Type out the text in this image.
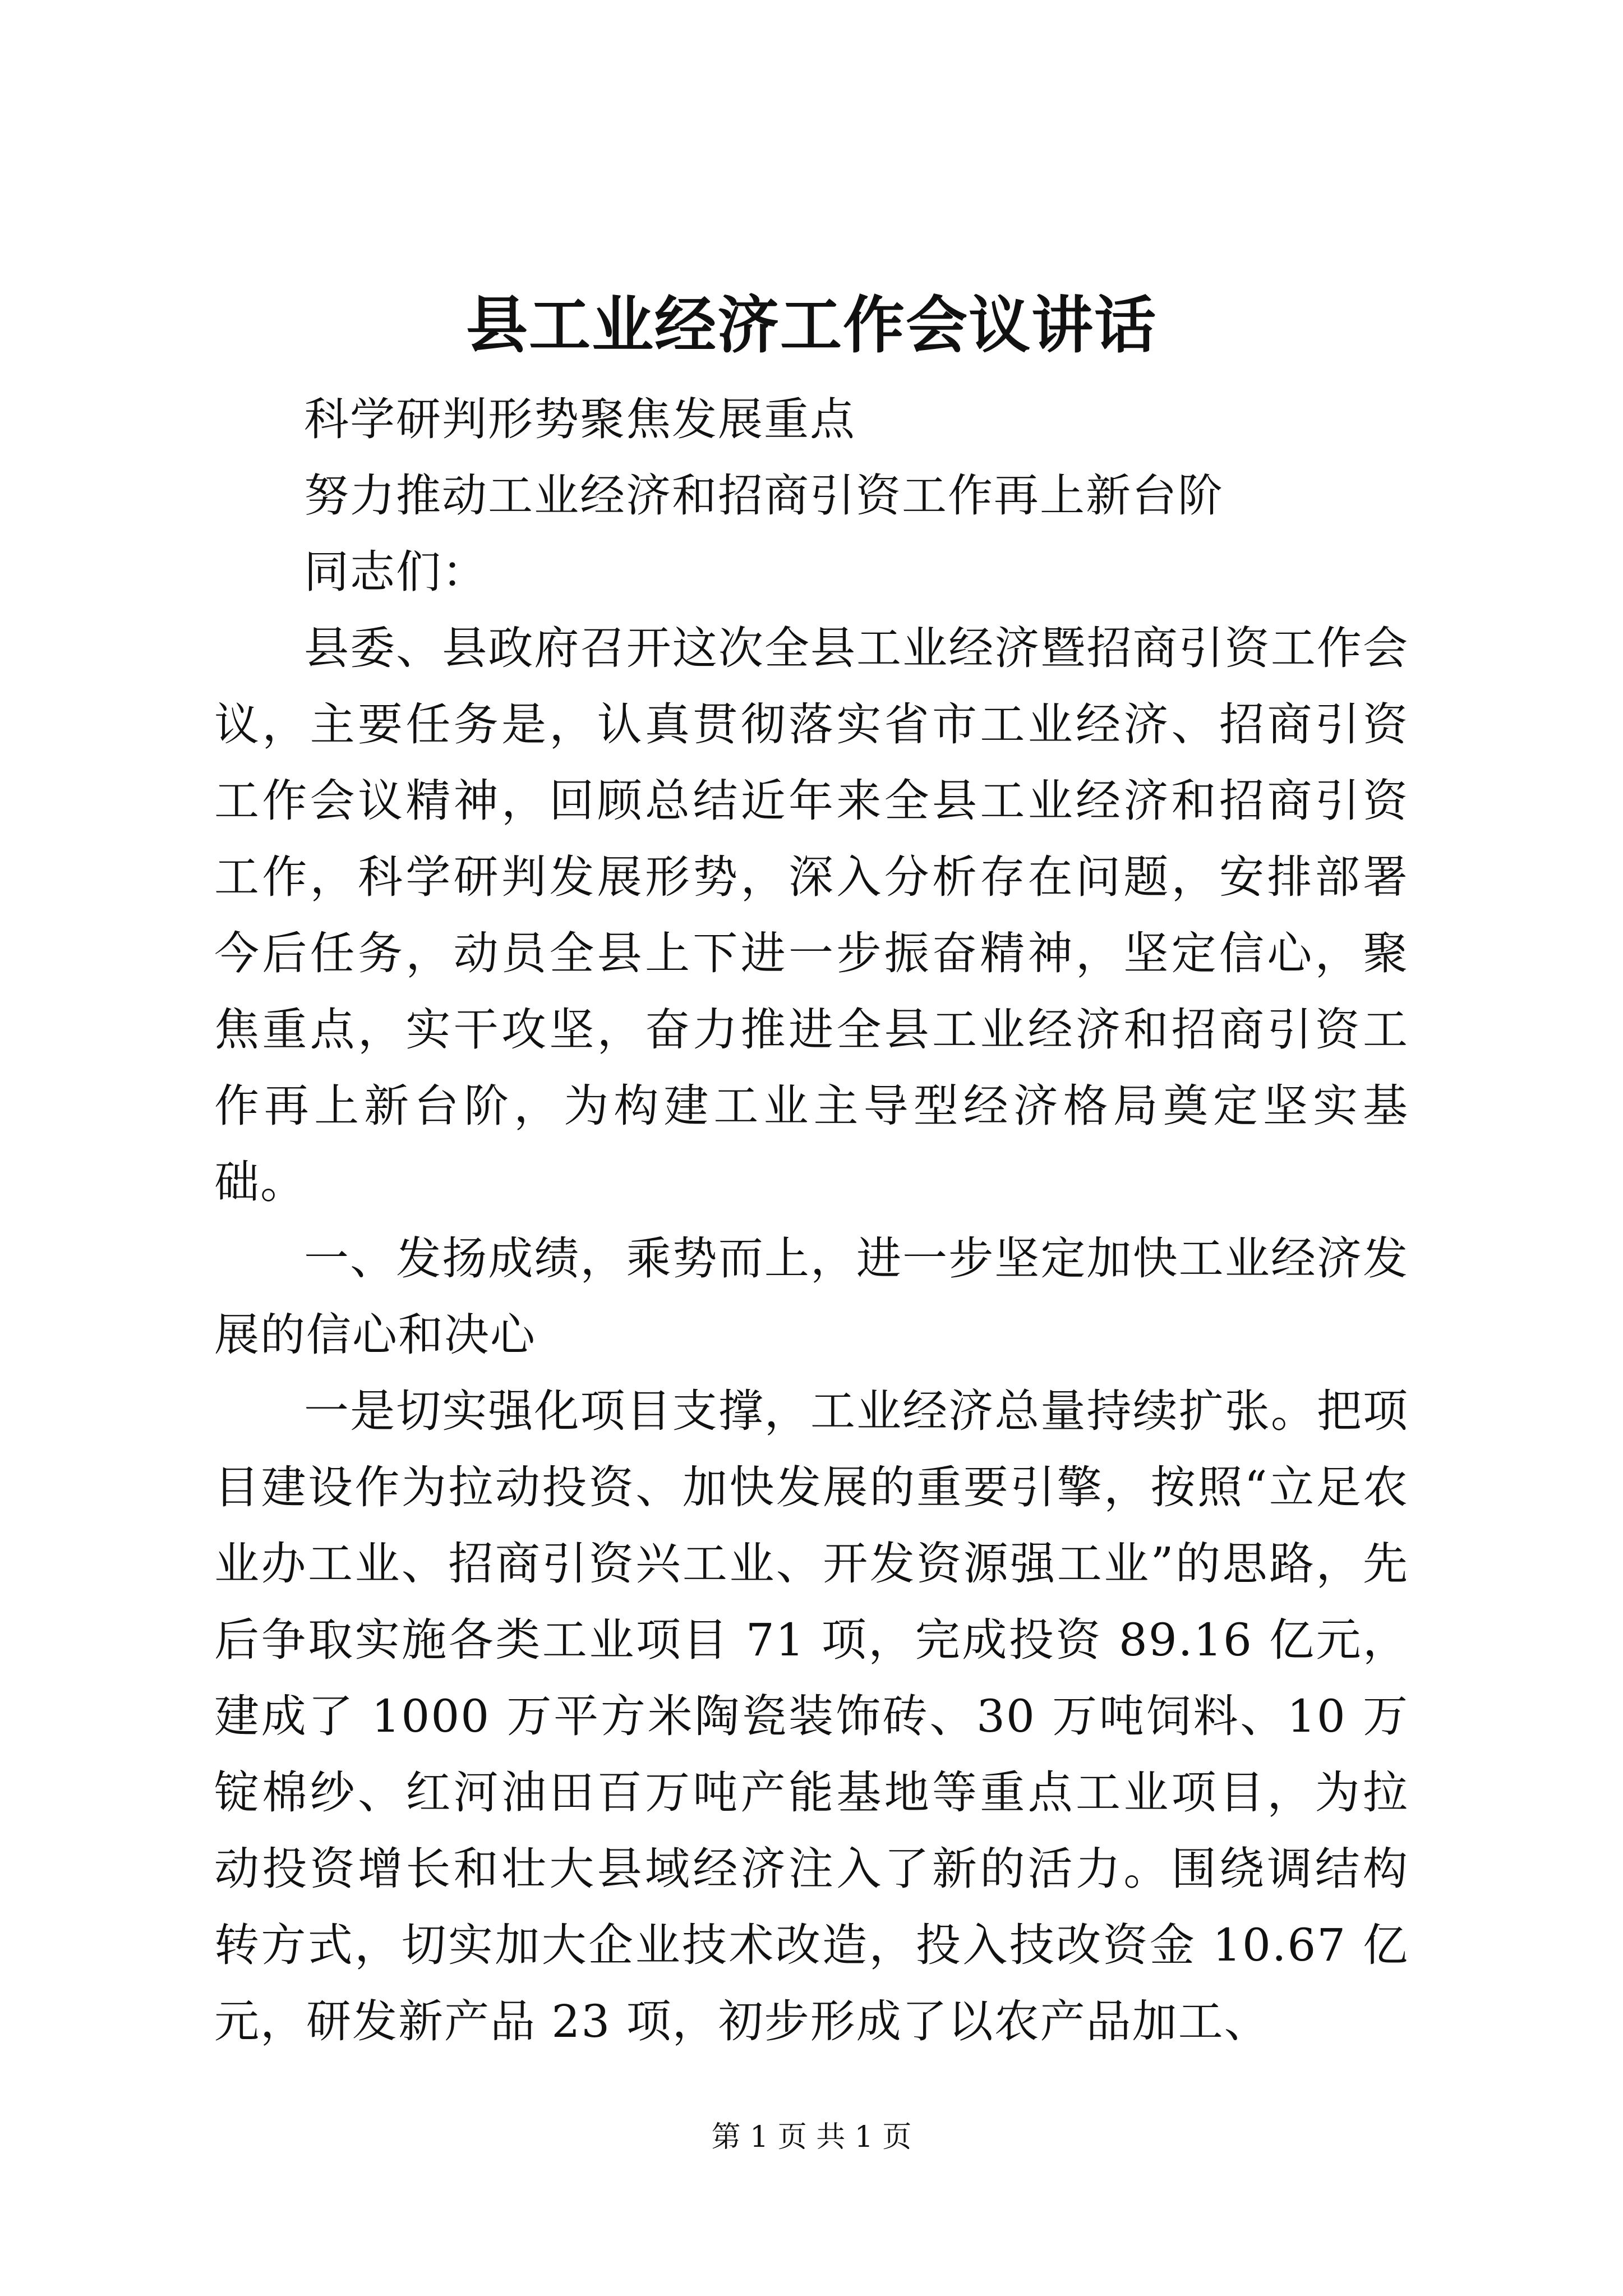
县工业经济工作会议讲话

科学研判形势聚焦发展重点

努力推动工业经济和招商引资工作再上新台阶

同志们：

县委、县政府召开这次全县工业经济暨招商引资工作会议，主要任务是，认真贯彻落实省市工业经济、招商引资工作会议精神，回顾总结近年来全县工业经济和招商引资工作，科学研判发展形势，深入分析存在问题，安排部署今后任务，动员全县上下进一步振奋精神，坚定信心，聚焦重点，实干攻坚，奋力推进全县工业经济和招商引资工作再上新台阶，为构建工业主导型经济格局奠定坚实基础。

一、发扬成绩，乘势而上，进一步坚定加快工业经济发展的信心和决心

一是切实强化项目支撑，工业经济总量持续扩张。把项目建设作为拉动投资、加快发展的重要引擎，按照“立足农业办工业、招商引资兴工业、开发资源强工业”的思路，先后争取实施各类工业项目 71 项，完成投资 89.16 亿元，建成了 1000 万平方米陶瓷装饰砖、30 万吨饲料、10 万锭棉纱、红河油田百万吨产能基地等重点工业项目，为拉动投资增长和壮大县域经济注入了新的活力。围绕调结构转方式，切实加大企业技术改造，投入技改资金 10.67 亿元，研发新产品 23 项，初步形成了以农产品加工、

第 1 页 共 1 页
